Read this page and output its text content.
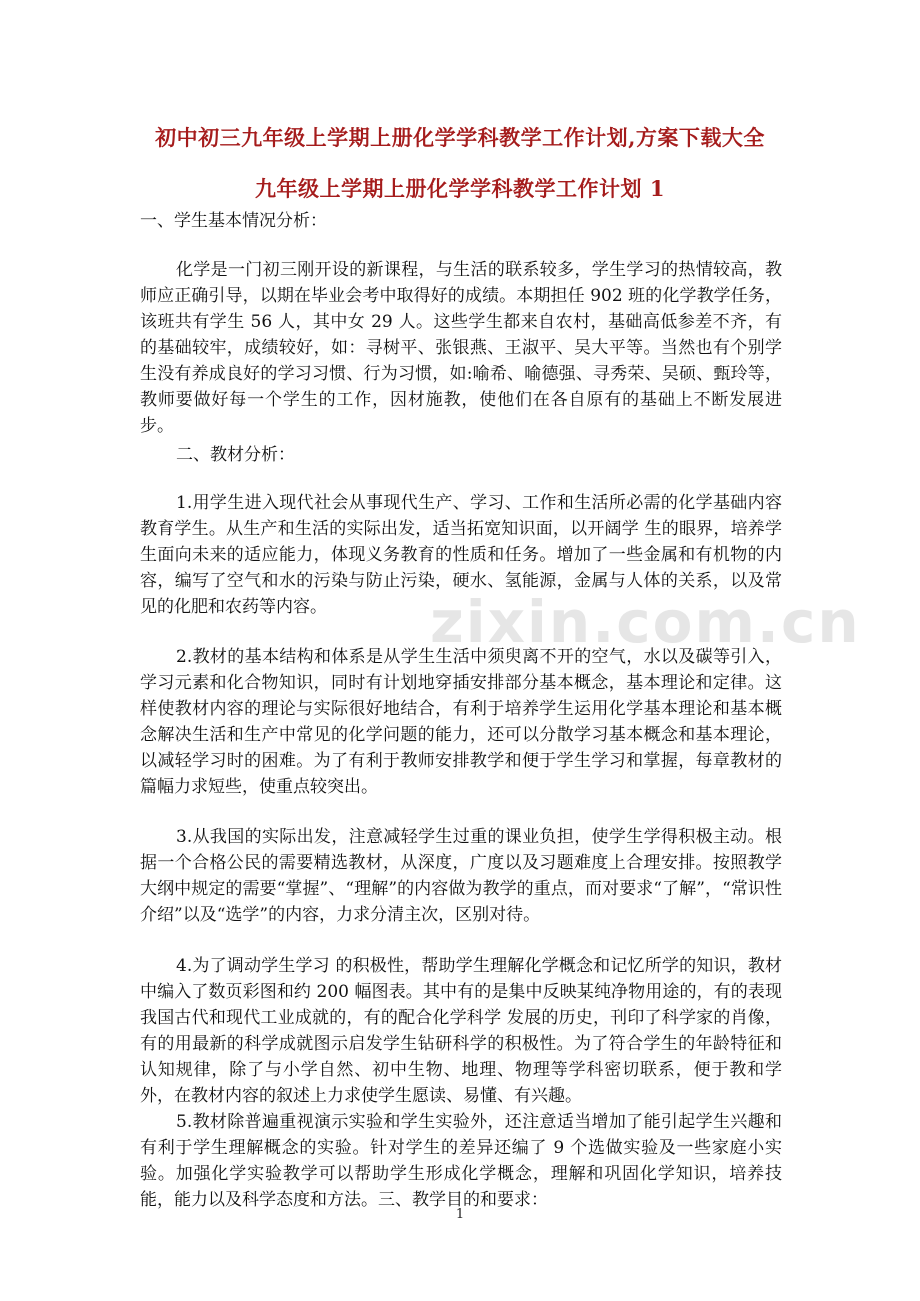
zixin.com.cn
初中初三九年级上学期上册化学学科教学工作计划,方案下载大全
九年级上学期上册化学学科教学工作计划 1

一、学生基本情况分析：

化学是一门初三刚开设的新课程，与生活的联系较多，学生学习的热情较高，教师应正确引导，以期在毕业会考中取得好的成绩。本期担任 902 班的化学教学任务，该班共有学生 56 人，其中女 29 人。这些学生都来自农村，基础高低参差不齐，有的基础较牢，成绩较好，如：寻树平、张银燕、王淑平、吴大平等。当然也有个别学生没有养成良好的学习习惯、行为习惯，如:喻希、喻德强、寻秀荣、吴硕、甄玲等，教师要做好每一个学生的工作，因材施教，使他们在各自原有的基础上不断发展进步。

二、教材分析：

1.用学生进入现代社会从事现代生产、学习、工作和生活所必需的化学基础内容教育学生。从生产和生活的实际出发，适当拓宽知识面，以开阔学 生的眼界，培养学生面向未来的适应能力，体现义务教育的性质和任务。增加了一些金属和有机物的内容，编写了空气和水的污染与防止污染，硬水、氢能源，金属与人体的关系，以及常见的化肥和农药等内容。

2.教材的基本结构和体系是从学生生活中须臾离不开的空气，水以及碳等引入，学习元素和化合物知识，同时有计划地穿插安排部分基本概念，基本理论和定律。这样使教材内容的理论与实际很好地结合，有利于培养学生运用化学基本理论和基本概念解决生活和生产中常见的化学问题的能力，还可以分散学习基本概念和基本理论，以减轻学习时的困难。为了有利于教师安排教学和便于学生学习和掌握，每章教材的篇幅力求短些，使重点较突出。

3.从我国的实际出发，注意减轻学生过重的课业负担，使学生学得积极主动。根据一个合格公民的需要精选教材，从深度，广度以及习题难度上合理安排。按照教学大纲中规定的需要“掌握”、“理解”的内容做为教学的重点，而对要求“了解”，“常识性介绍”以及“选学”的内容，力求分清主次，区别对待。

4.为了调动学生学习 的积极性，帮助学生理解化学概念和记忆所学的知识，教材中编入了数页彩图和约 200 幅图表。其中有的是集中反映某纯净物用途的，有的表现我国古代和现代工业成就的，有的配合化学科学 发展的历史，刊印了科学家的肖像，有的用最新的科学成就图示启发学生钻研科学的积极性。为了符合学生的年龄特征和认知规律，除了与小学自然、初中生物、地理、物理等学科密切联系，便于教和学外，在教材内容的叙述上力求使学生愿读、易懂、有兴趣。

5.教材除普遍重视演示实验和学生实验外，还注意适当增加了能引起学生兴趣和有利于学生理解概念的实验。针对学生的差异还编了 9 个选做实验及一些家庭小实验。加强化学实验教学可以帮助学生形成化学概念，理解和巩固化学知识，培养技能，能力以及科学态度和方法。三、教学目的和要求：

1
